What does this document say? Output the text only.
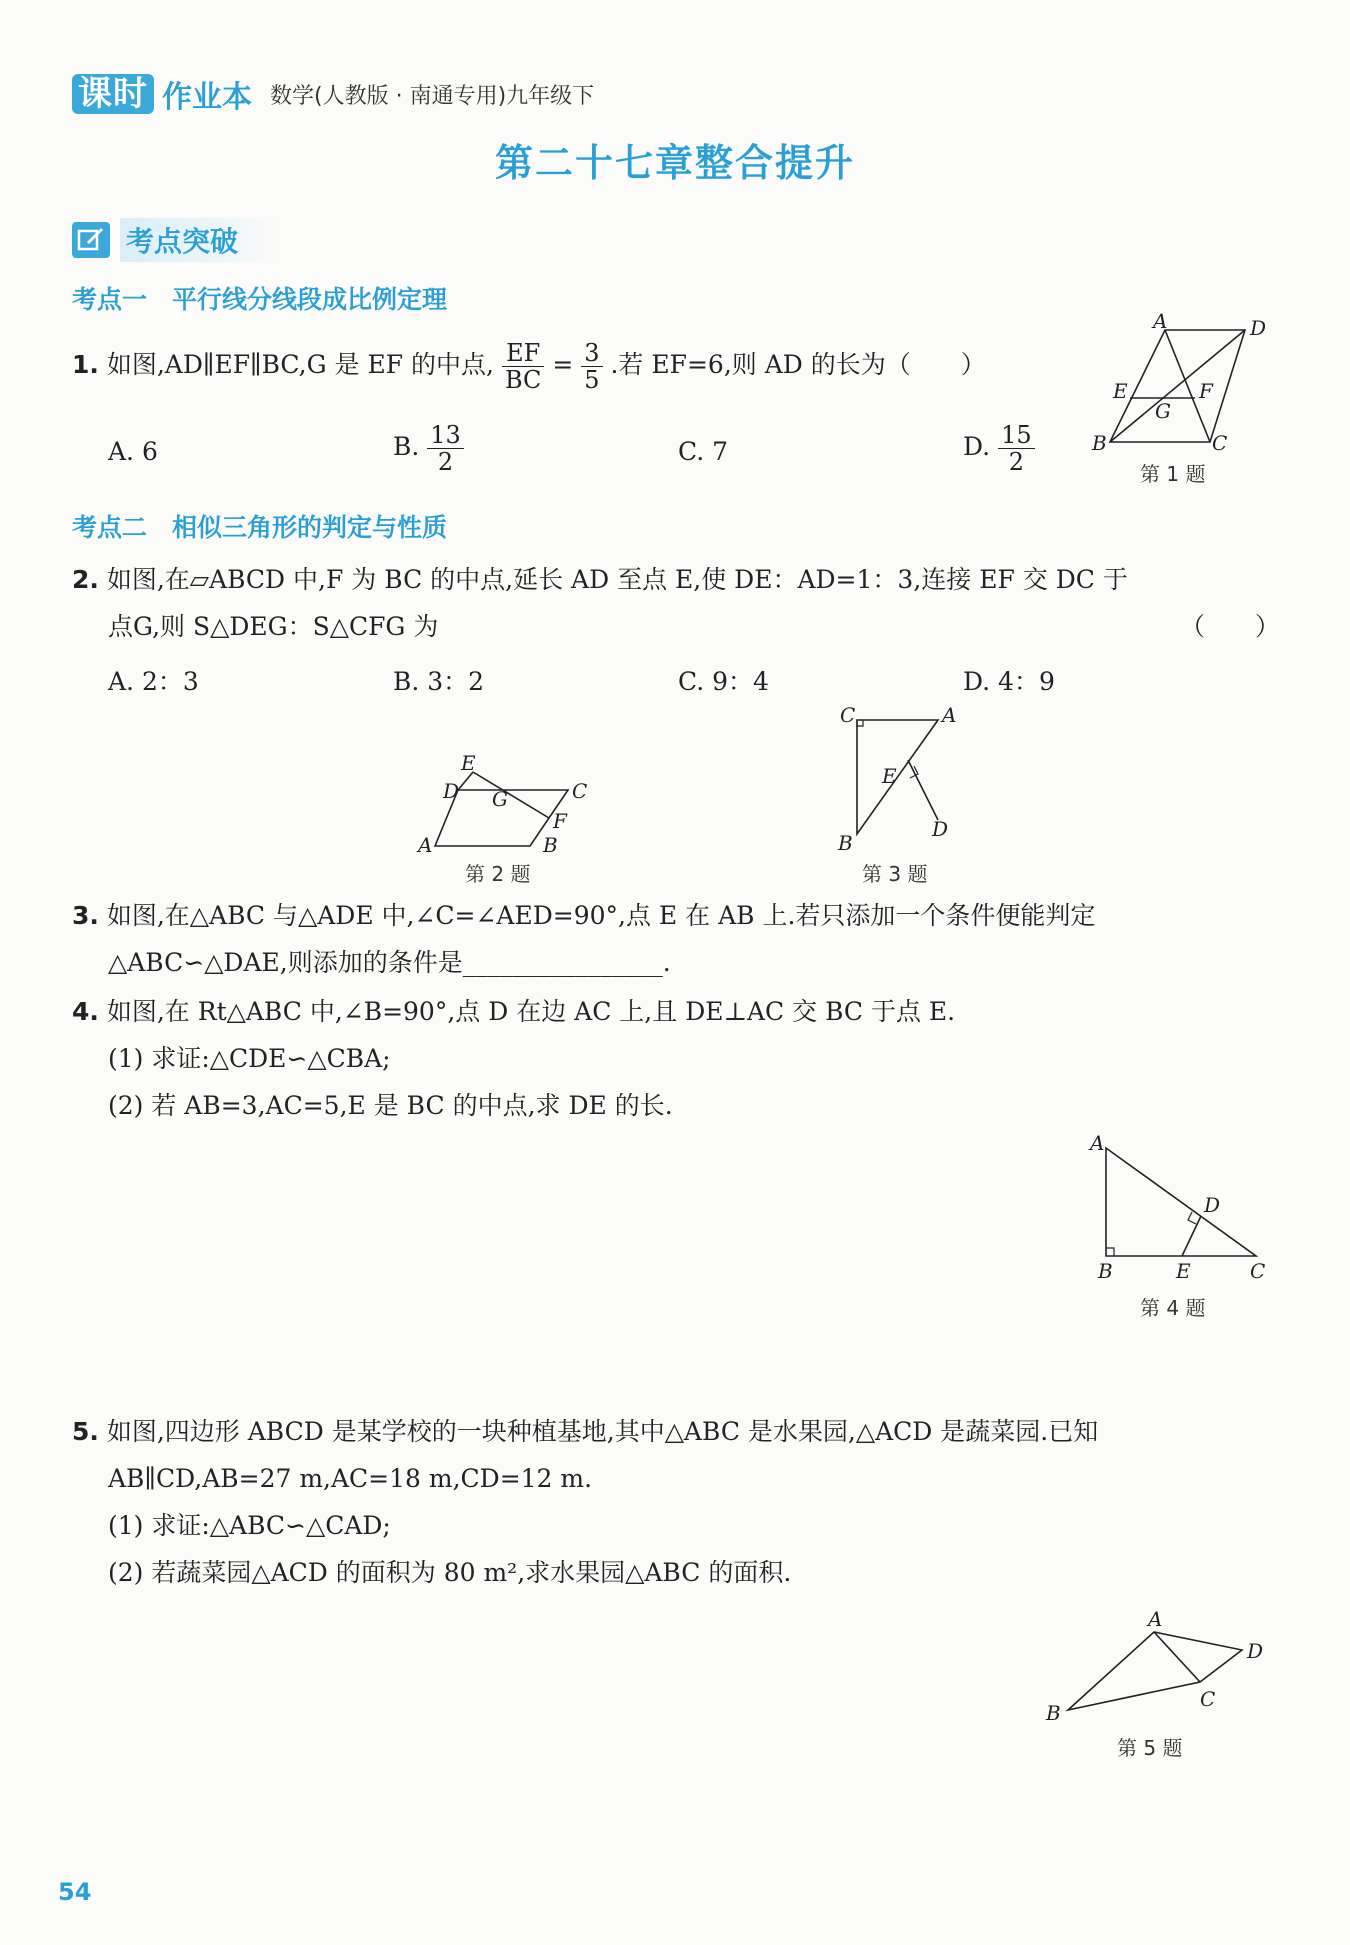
课时 作业本 数学(人教版 · 南通专用)九年级下
第二十七章整合提升
考点突破
考点一　平行线分线段成比例定理
1. 如图,AD∥EF∥BC,G 是 EF 的中点, $\frac{EF}{BC} = \frac{3}{5}$ .若 EF=6,则 AD 的长为（　　）
A. 6	B. $\frac{13}{2}$	C. 7	D. $\frac{15}{2}$
A	D
E	F
G
B	C
第 1 题
考点二　相似三角形的判定与性质
2. 如图,在▱ABCD 中,F 为 BC 的中点,延长 AD 至点 E,使 DE：AD=1：3,连接 EF 交 DC 于
点G,则 S△DEG：S△CFG 为	（　　）
A. 2：3	B. 3：2	C. 9：4	D. 4：9
E
D G	C
F
A	B
第 2 题
C	A
E
D
B
第 3 题
3. 如图,在△ABC 与△ADE 中,∠C=∠AED=90°,点 E 在 AB 上.若只添加一个条件便能判定
△ABC∽△DAE,则添加的条件是________________.
4. 如图,在 Rt△ABC 中,∠B=90°,点 D 在边 AC 上,且 DE⊥AC 交 BC 于点 E.
(1) 求证:△CDE∽△CBA;
(2) 若 AB=3,AC=5,E 是 BC 的中点,求 DE 的长.
A
D
B	E	C
第 4 题
5. 如图,四边形 ABCD 是某学校的一块种植基地,其中△ABC 是水果园,△ACD 是蔬菜园.已知
AB∥CD,AB=27 m,AC=18 m,CD=12 m.
(1) 求证:△ABC∽△CAD;
(2) 若蔬菜园△ACD 的面积为 80 m²,求水果园△ABC 的面积.
A
D
C
B
第 5 题
54
